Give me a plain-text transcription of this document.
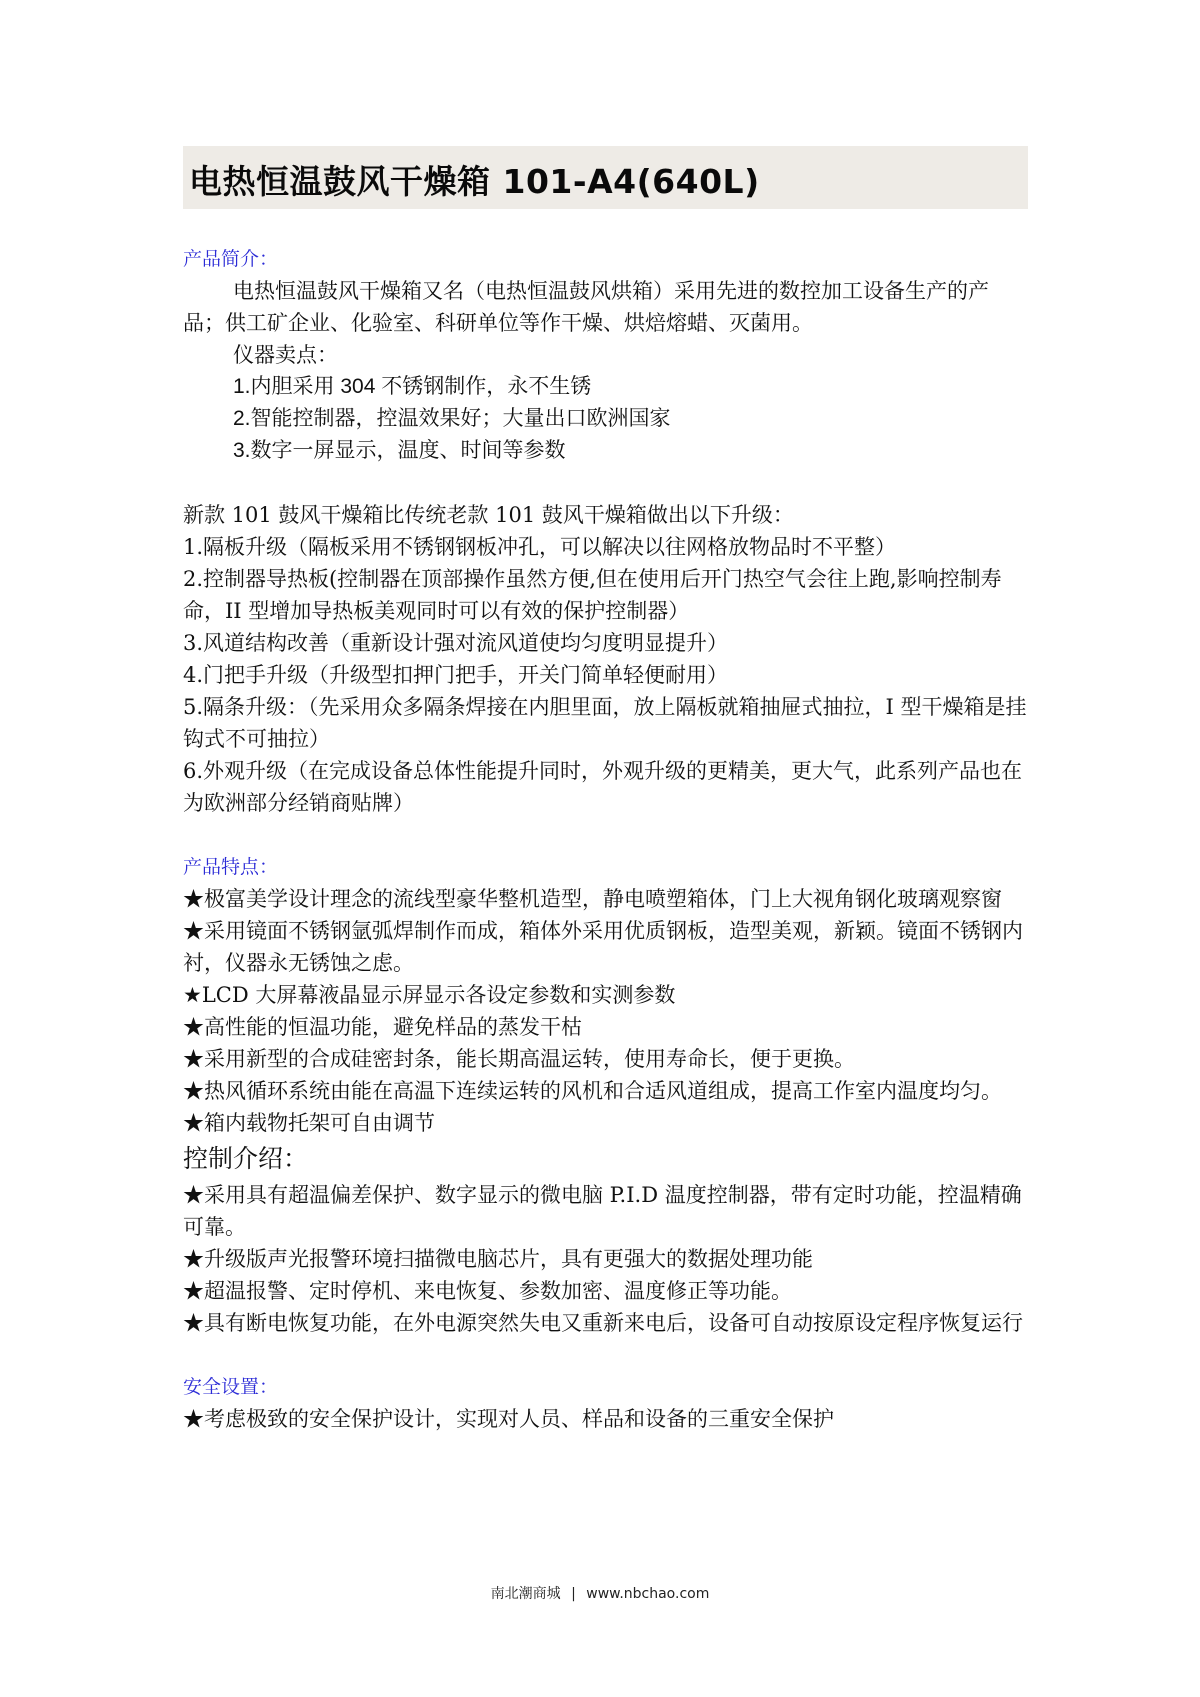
电热恒温鼓风干燥箱 101-A4(640L)

产品简介：

电热恒温鼓风干燥箱又名（电热恒温鼓风烘箱）采用先进的数控加工设备生产的产品；供工矿企业、化验室、科研单位等作干燥、烘焙熔蜡、灭菌用。

仪器卖点：

1.内胆采用 304 不锈钢制作，永不生锈

2.智能控制器，控温效果好；大量出口欧洲国家

3.数字一屏显示，温度、时间等参数

新款 101 鼓风干燥箱比传统老款 101 鼓风干燥箱做出以下升级：

1.隔板升级（隔板采用不锈钢钢板冲孔，可以解决以往网格放物品时不平整）

2.控制器导热板(控制器在顶部操作虽然方便,但在使用后开门热空气会往上跑,影响控制寿命，II 型增加导热板美观同时可以有效的保护控制器）

3.风道结构改善（重新设计强对流风道使均匀度明显提升）

4.门把手升级（升级型扣押门把手，开关门简单轻便耐用）

5.隔条升级：（先采用众多隔条焊接在内胆里面，放上隔板就箱抽屉式抽拉，I 型干燥箱是挂钩式不可抽拉）

6.外观升级（在完成设备总体性能提升同时，外观升级的更精美，更大气，此系列产品也在为欧洲部分经销商贴牌）

产品特点：

★极富美学设计理念的流线型豪华整机造型，静电喷塑箱体，门上大视角钢化玻璃观察窗

★采用镜面不锈钢氩弧焊制作而成，箱体外采用优质钢板，造型美观，新颖。镜面不锈钢内衬，仪器永无锈蚀之虑。

★LCD 大屏幕液晶显示屏显示各设定参数和实测参数

★高性能的恒温功能，避免样品的蒸发干枯

★采用新型的合成硅密封条，能长期高温运转，使用寿命长，便于更换。

★热风循环系统由能在高温下连续运转的风机和合适风道组成，提高工作室内温度均匀。

★箱内载物托架可自由调节

控制介绍：

★采用具有超温偏差保护、数字显示的微电脑 P.I.D 温度控制器，带有定时功能，控温精确可靠。

★升级版声光报警环境扫描微电脑芯片，具有更强大的数据处理功能

★超温报警、定时停机、来电恢复、参数加密、温度修正等功能。

★具有断电恢复功能，在外电源突然失电又重新来电后，设备可自动按原设定程序恢复运行

安全设置：

★考虑极致的安全保护设计，实现对人员、样品和设备的三重安全保护

南北潮商城 | www.nbchao.com
